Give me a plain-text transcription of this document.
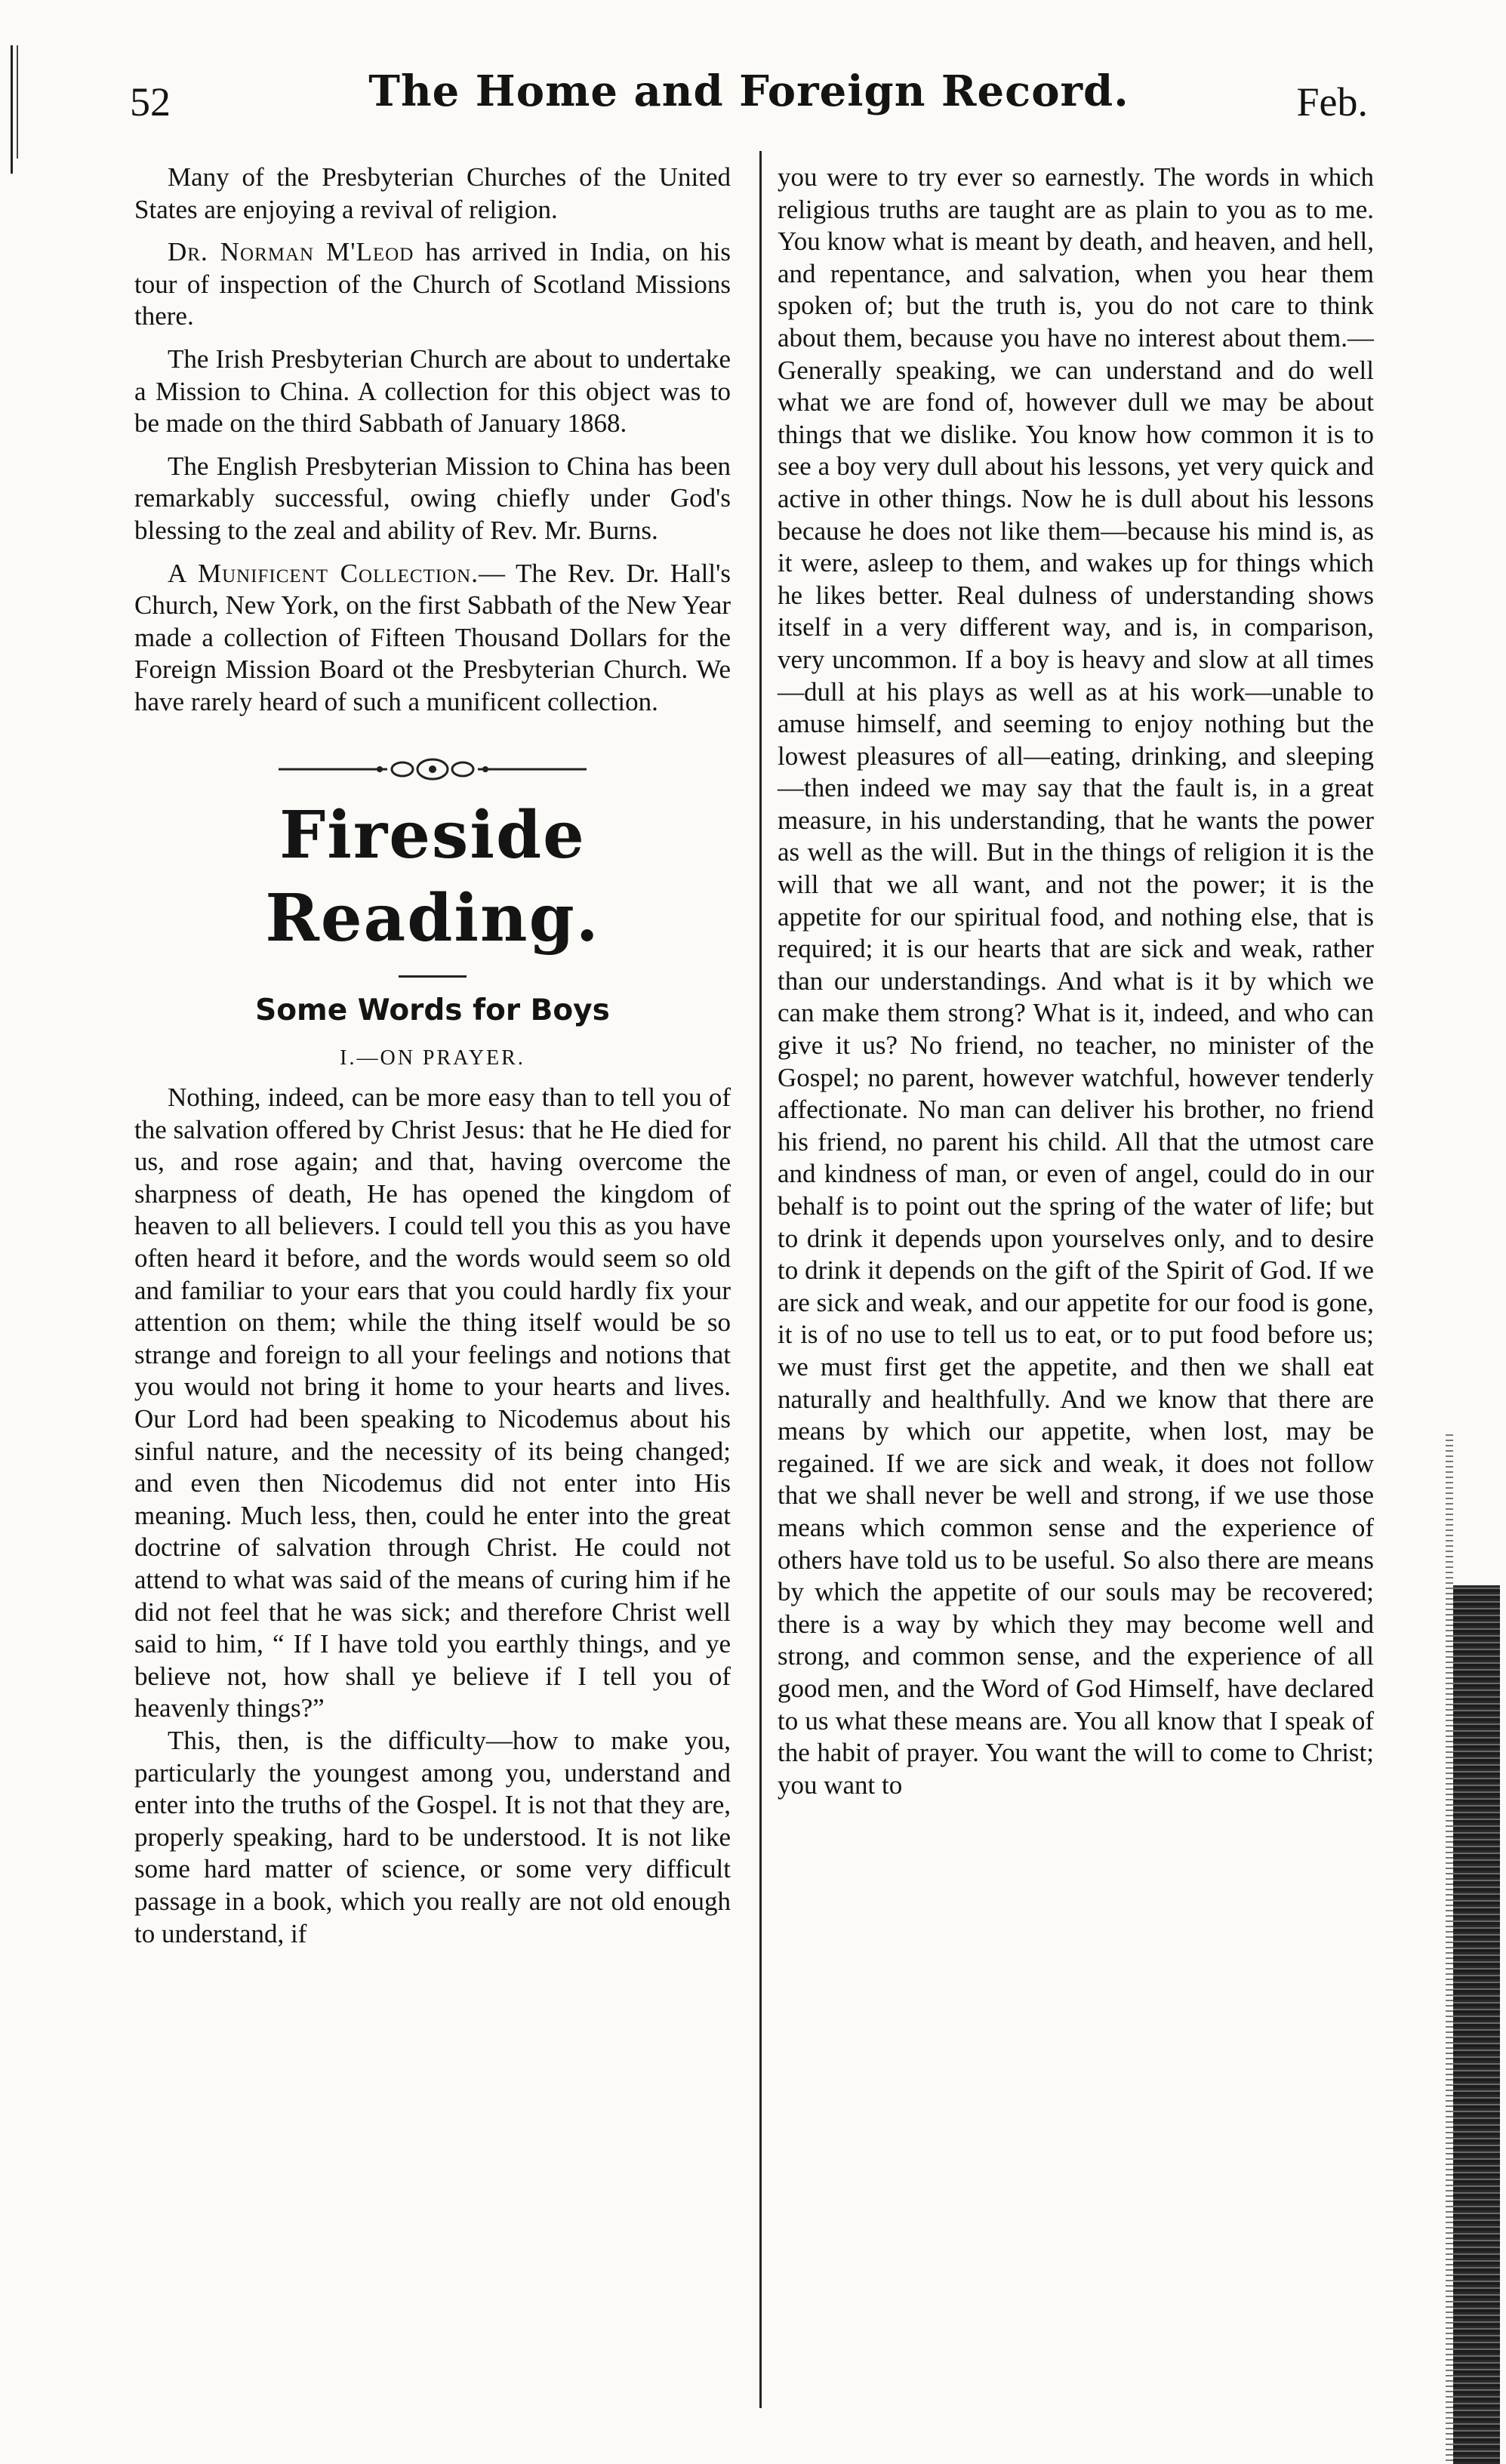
52	The Home and Foreign Record.	Feb.

Many of the Presbyterian Churches of the United States are enjoying a revival of religion.

Dr. Norman M'Leod has arrived in India, on his tour of inspection of the Church of Scotland Missions there.

The Irish Presbyterian Church are about to undertake a Mission to China. A collection for this object was to be made on the third Sabbath of January 1868.

The English Presbyterian Mission to China has been remarkably successful, owing chiefly under God's blessing to the zeal and ability of Rev. Mr. Burns.

A Munificent Collection.— The Rev. Dr. Hall's Church, New York, on the first Sabbath of the New Year made a collection of Fifteen Thousand Dollars for the Foreign Mission Board ot the Presbyterian Church. We have rarely heard of such a munificent collection.

Fireside Reading.
Some Words for Boys
I.—ON PRAYER.

Nothing, indeed, can be more easy than to tell you of the salvation offered by Christ Jesus: that he He died for us, and rose again; and that, having overcome the sharpness of death, He has opened the kingdom of heaven to all believers. I could tell you this as you have often heard it before, and the words would seem so old and familiar to your ears that you could hardly fix your attention on them; while the thing itself would be so strange and foreign to all your feelings and notions that you would not bring it home to your hearts and lives. Our Lord had been speaking to Nicodemus about his sinful nature, and the necessity of its being changed; and even then Nicodemus did not enter into His meaning. Much less, then, could he enter into the great doctrine of salvation through Christ. He could not attend to what was said of the means of curing him if he did not feel that he was sick; and therefore Christ well said to him, “ If I have told you earthly things, and ye believe not, how shall ye believe if I tell you of heavenly things?”

This, then, is the difficulty—how to make you, particularly the youngest among you, understand and enter into the truths of the Gospel. It is not that they are, properly speaking, hard to be understood. It is not like some hard matter of science, or some very difficult passage in a book, which you really are not old enough to understand, if

you were to try ever so earnestly. The words in which religious truths are taught are as plain to you as to me. You know what is meant by death, and heaven, and hell, and repentance, and salvation, when you hear them spoken of; but the truth is, you do not care to think about them, because you have no interest about them.—Generally speaking, we can understand and do well what we are fond of, however dull we may be about things that we dislike. You know how common it is to see a boy very dull about his lessons, yet very quick and active in other things. Now he is dull about his lessons because he does not like them—because his mind is, as it were, asleep to them, and wakes up for things which he likes better. Real dulness of understanding shows itself in a very different way, and is, in comparison, very uncommon. If a boy is heavy and slow at all times—dull at his plays as well as at his work—unable to amuse himself, and seeming to enjoy nothing but the lowest pleasures of all—eating, drinking, and sleeping—then indeed we may say that the fault is, in a great measure, in his understanding, that he wants the power as well as the will. But in the things of religion it is the will that we all want, and not the power; it is the appetite for our spiritual food, and nothing else, that is required; it is our hearts that are sick and weak, rather than our understandings. And what is it by which we can make them strong? What is it, indeed, and who can give it us? No friend, no teacher, no minister of the Gospel; no parent, however watchful, however tenderly affectionate. No man can deliver his brother, no friend his friend, no parent his child. All that the utmost care and kindness of man, or even of angel, could do in our behalf is to point out the spring of the water of life; but to drink it depends upon yourselves only, and to desire to drink it depends on the gift of the Spirit of God. If we are sick and weak, and our appetite for our food is gone, it is of no use to tell us to eat, or to put food before us; we must first get the appetite, and then we shall eat naturally and healthfully. And we know that there are means by which our appetite, when lost, may be regained. If we are sick and weak, it does not follow that we shall never be well and strong, if we use those means which common sense and the experience of others have told us to be useful. So also there are means by which the appetite of our souls may be recovered; there is a way by which they may become well and strong, and common sense, and the experience of all good men, and the Word of God Himself, have declared to us what these means are. You all know that I speak of the habit of prayer. You want the will to come to Christ; you want to
